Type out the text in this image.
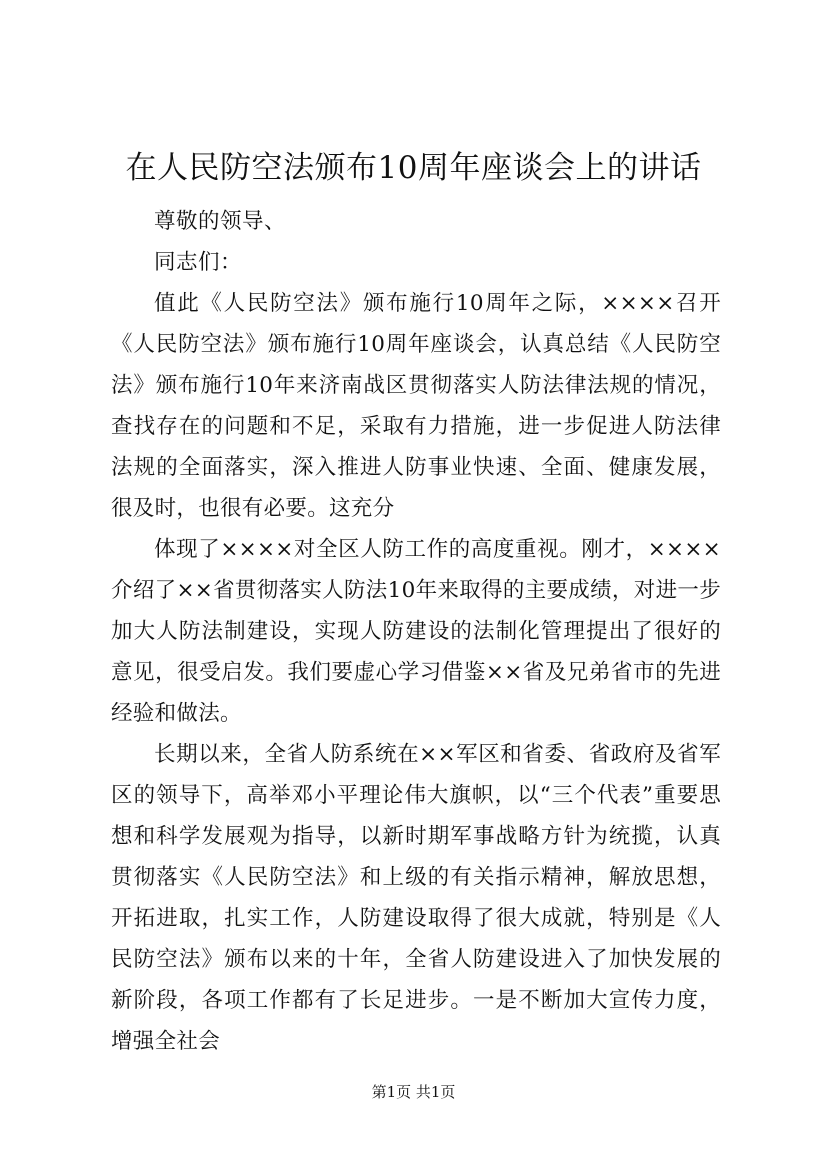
在人民防空法颁布10周年座谈会上的讲话

尊敬的领导、

同志们：

值此《人民防空法》颁布施行10周年之际，××××召开《人民防空法》颁布施行10周年座谈会，认真总结《人民防空法》颁布施行10年来济南战区贯彻落实人防法律法规的情况，查找存在的问题和不足，采取有力措施，进一步促进人防法律法规的全面落实，深入推进人防事业快速、全面、健康发展，很及时，也很有必要。这充分

体现了××××对全区人防工作的高度重视。刚才，××××介绍了××省贯彻落实人防法10年来取得的主要成绩，对进一步加大人防法制建设，实现人防建设的法制化管理提出了很好的意见，很受启发。我们要虚心学习借鉴××省及兄弟省市的先进经验和做法。

长期以来，全省人防系统在××军区和省委、省政府及省军区的领导下，高举邓小平理论伟大旗帜，以“三个代表”重要思想和科学发展观为指导，以新时期军事战略方针为统揽，认真贯彻落实《人民防空法》和上级的有关指示精神，解放思想，开拓进取，扎实工作，人防建设取得了很大成就，特别是《人民防空法》颁布以来的十年，全省人防建设进入了加快发展的新阶段，各项工作都有了长足进步。一是不断加大宣传力度，增强全社会

第1页 共1页
